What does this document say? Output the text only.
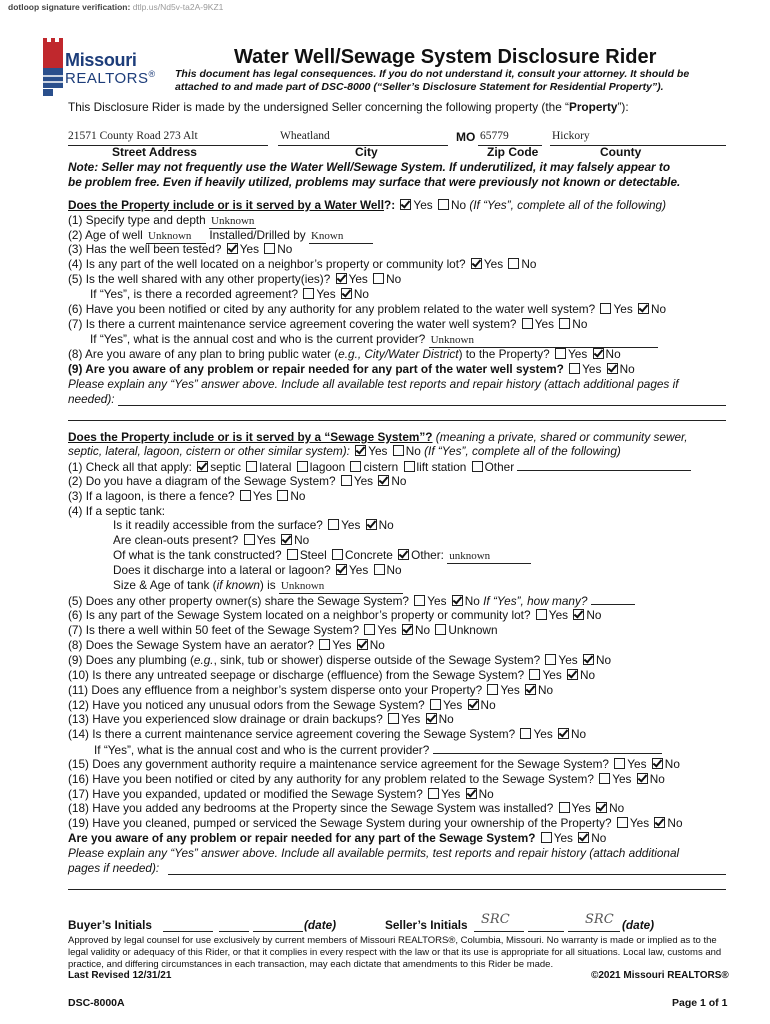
dotloop signature verification: dtlp.us/Nd5v-ta2A-9KZ1
Missouri
REALTORS®
Water Well/Sewage System Disclosure Rider
This document has legal consequences. If you do not understand it, consult your attorney. It should be attached to and made part of DSC-8000 (“Seller’s Disclosure Statement for Residential Property”).
This Disclosure Rider is made by the undersigned Seller concerning the following property (the “Property”):
21571 County Road 273 Alt	Wheatland	MO 65779	Hickory
Street Address	City	Zip Code	County
Note: Seller may not frequently use the Water Well/Sewage System. If underutilized, it may falsely appear to
be problem free. Even if heavily utilized, problems may surface that were previously not known or detectable.
Does the Property include or is it served by a Water Well?: Yes No (If “Yes”, complete all of the following)
(1) Specify type and depth Unknown
(2) Age of well Unknown Installed/Drilled by Known
(3) Has the well been tested? Yes No
(4) Is any part of the well located on a neighbor’s property or community lot? Yes No
(5) Is the well shared with any other property(ies)? Yes No
If “Yes”, is there a recorded agreement? Yes No
(6) Have you been notified or cited by any authority for any problem related to the water well system? Yes No
(7) Is there a current maintenance service agreement covering the water well system? Yes No
If “Yes”, what is the annual cost and who is the current provider? Unknown
(8) Are you aware of any plan to bring public water (e.g., City/Water District) to the Property? Yes No
(9) Are you aware of any problem or repair needed for any part of the water well system? Yes No
Please explain any “Yes” answer above. Include all available test reports and repair history (attach additional pages if
needed):
Does the Property include or is it served by a “Sewage System”? (meaning a private, shared or community sewer,
septic, lateral, lagoon, cistern or other similar system): Yes No (If “Yes”, complete all of the following)
(1) Check all that apply: septic lateral lagoon cistern lift station Other
(2) Do you have a diagram of the Sewage System? Yes No
(3) If a lagoon, is there a fence? Yes No
(4) If a septic tank:
Is it readily accessible from the surface? Yes No
Are clean-outs present? Yes No
Of what is the tank constructed? Steel Concrete Other: unknown
Does it discharge into a lateral or lagoon? Yes No
Size & Age of tank (if known) is Unknown
(5) Does any other property owner(s) share the Sewage System? Yes No If “Yes”, how many?
(6) Is any part of the Sewage System located on a neighbor’s property or community lot? Yes No
(7) Is there a well within 50 feet of the Sewage System? Yes No Unknown
(8) Does the Sewage System have an aerator? Yes No
(9) Does any plumbing (e.g., sink, tub or shower) disperse outside of the Sewage System? Yes No
(10) Is there any untreated seepage or discharge (effluence) from the Sewage System? Yes No
(11) Does any effluence from a neighbor’s system disperse onto your Property? Yes No
(12) Have you noticed any unusual odors from the Sewage System? Yes No
(13) Have you experienced slow drainage or drain backups? Yes No
(14) Is there a current maintenance service agreement covering the Sewage System? Yes No
If “Yes”, what is the annual cost and who is the current provider?
(15) Does any government authority require a maintenance service agreement for the Sewage System? Yes No
(16) Have you been notified or cited by any authority for any problem related to the Sewage System? Yes No
(17) Have you expanded, updated or modified the Sewage System? Yes No
(18) Have you added any bedrooms at the Property since the Sewage System was installed? Yes No
(19) Have you cleaned, pumped or serviced the Sewage System during your ownership of the Property? Yes No
Are you aware of any problem or repair needed for any part of the Sewage System? Yes No
Please explain any “Yes” answer above. Include all available permits, test reports and repair history (attach additional
pages if needed):
Buyer’s Initials	(date)	Seller’s Initials SRC	SRC (date)
Approved by legal counsel for use exclusively by current members of Missouri REALTORS®, Columbia, Missouri. No warranty is made or implied as to the legal validity or adequacy of this Rider, or that it complies in every respect with the law or that its use is appropriate for all situations. Local law, customs and practice, and differing circumstances in each transaction, may each dictate that amendments to this Rider be made.
Last Revised 12/31/21	©2021 Missouri REALTORS®
DSC-8000A	Page 1 of 1
